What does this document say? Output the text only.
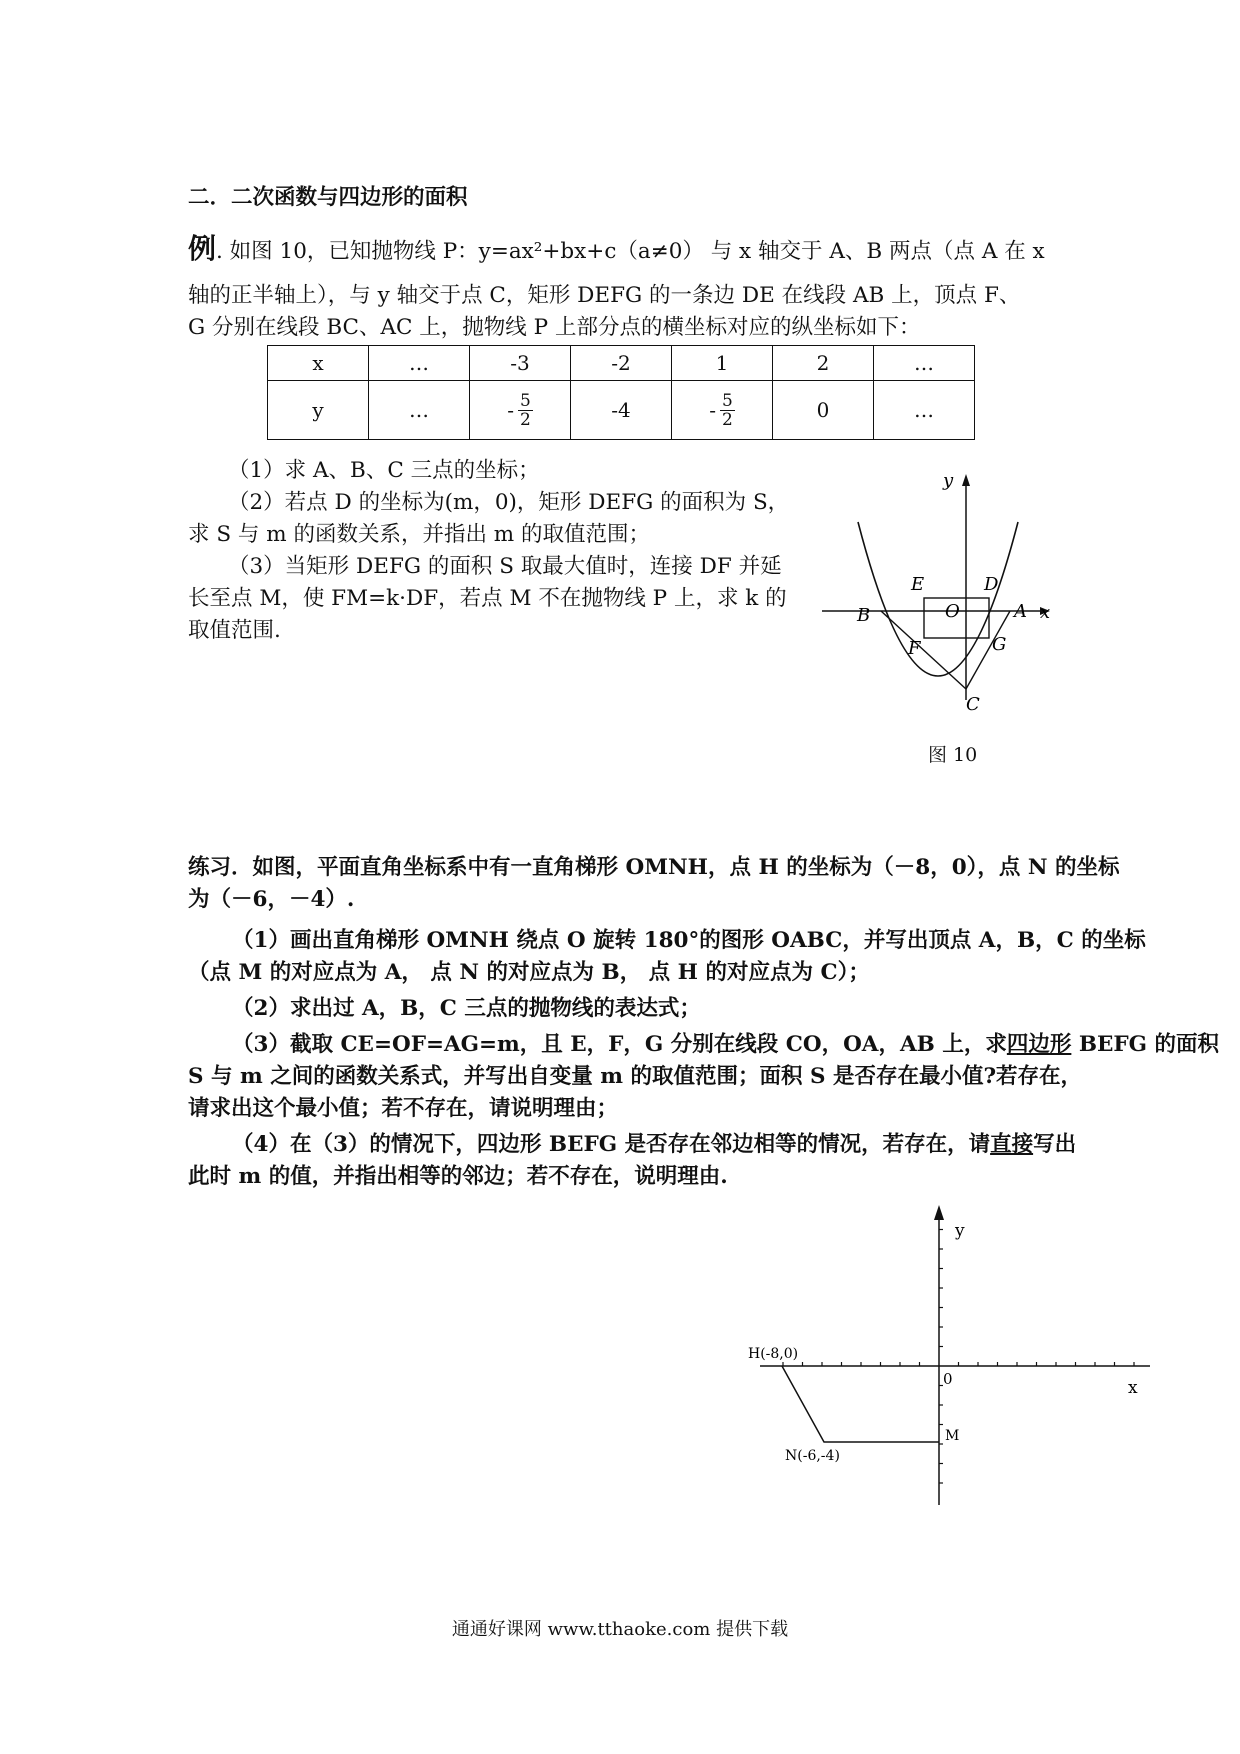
二．二次函数与四边形的面积
例. 如图 10，已知抛物线 P：y=ax²+bx+c（a≠0） 与 x 轴交于 A、B 两点（点 A 在 x
轴的正半轴上），与 y 轴交于点 C，矩形 DEFG 的一条边 DE 在线段 AB 上，顶点 F、
G 分别在线段 BC、AC 上，抛物线 P 上部分点的横坐标对应的纵坐标如下：
x	…	-3	-2	1	2	…
y	…	- $\frac{5}{2}$	-4	- $\frac{5}{2}$	0	…
（1）求 A、B、C 三点的坐标；
（2）若点 D 的坐标为(m，0)，矩形 DEFG 的面积为 S，
求 S 与 m 的函数关系，并指出 m 的取值范围；
（3）当矩形 DEFG 的面积 S 取最大值时，连接 DF 并延
长至点 M，使 FM=k·DF，若点 M 不在抛物线 P 上，求 k 的
取值范围.
y
x
E	D
B	O	A
F	G
C
图 10
练习．如图，平面直角坐标系中有一直角梯形 OMNH，点 H 的坐标为（－8，0），点 N 的坐标
为（－6，－4）.
（1）画出直角梯形 OMNH 绕点 O 旋转 180°的图形 OABC，并写出顶点 A，B，C 的坐标
（点 M 的对应点为 A， 点 N 的对应点为 B， 点 H 的对应点为 C）；
（2）求出过 A，B，C 三点的抛物线的表达式；
（3）截取 CE=OF=AG=m，且 E，F，G 分别在线段 CO，OA，AB 上，求四边形 BEFG 的面积
S 与 m 之间的函数关系式，并写出自变量 m 的取值范围；面积 S 是否存在最小值?若存在，
请求出这个最小值；若不存在，请说明理由；
（4）在（3）的情况下，四边形 BEFG 是否存在邻边相等的情况，若存在，请直接写出
此时 m 的值，并指出相等的邻边；若不存在，说明理由.
y
x
0
H(-8,0)
N(-6,-4)
M
通通好课网 www.tthaoke.com 提供下载
